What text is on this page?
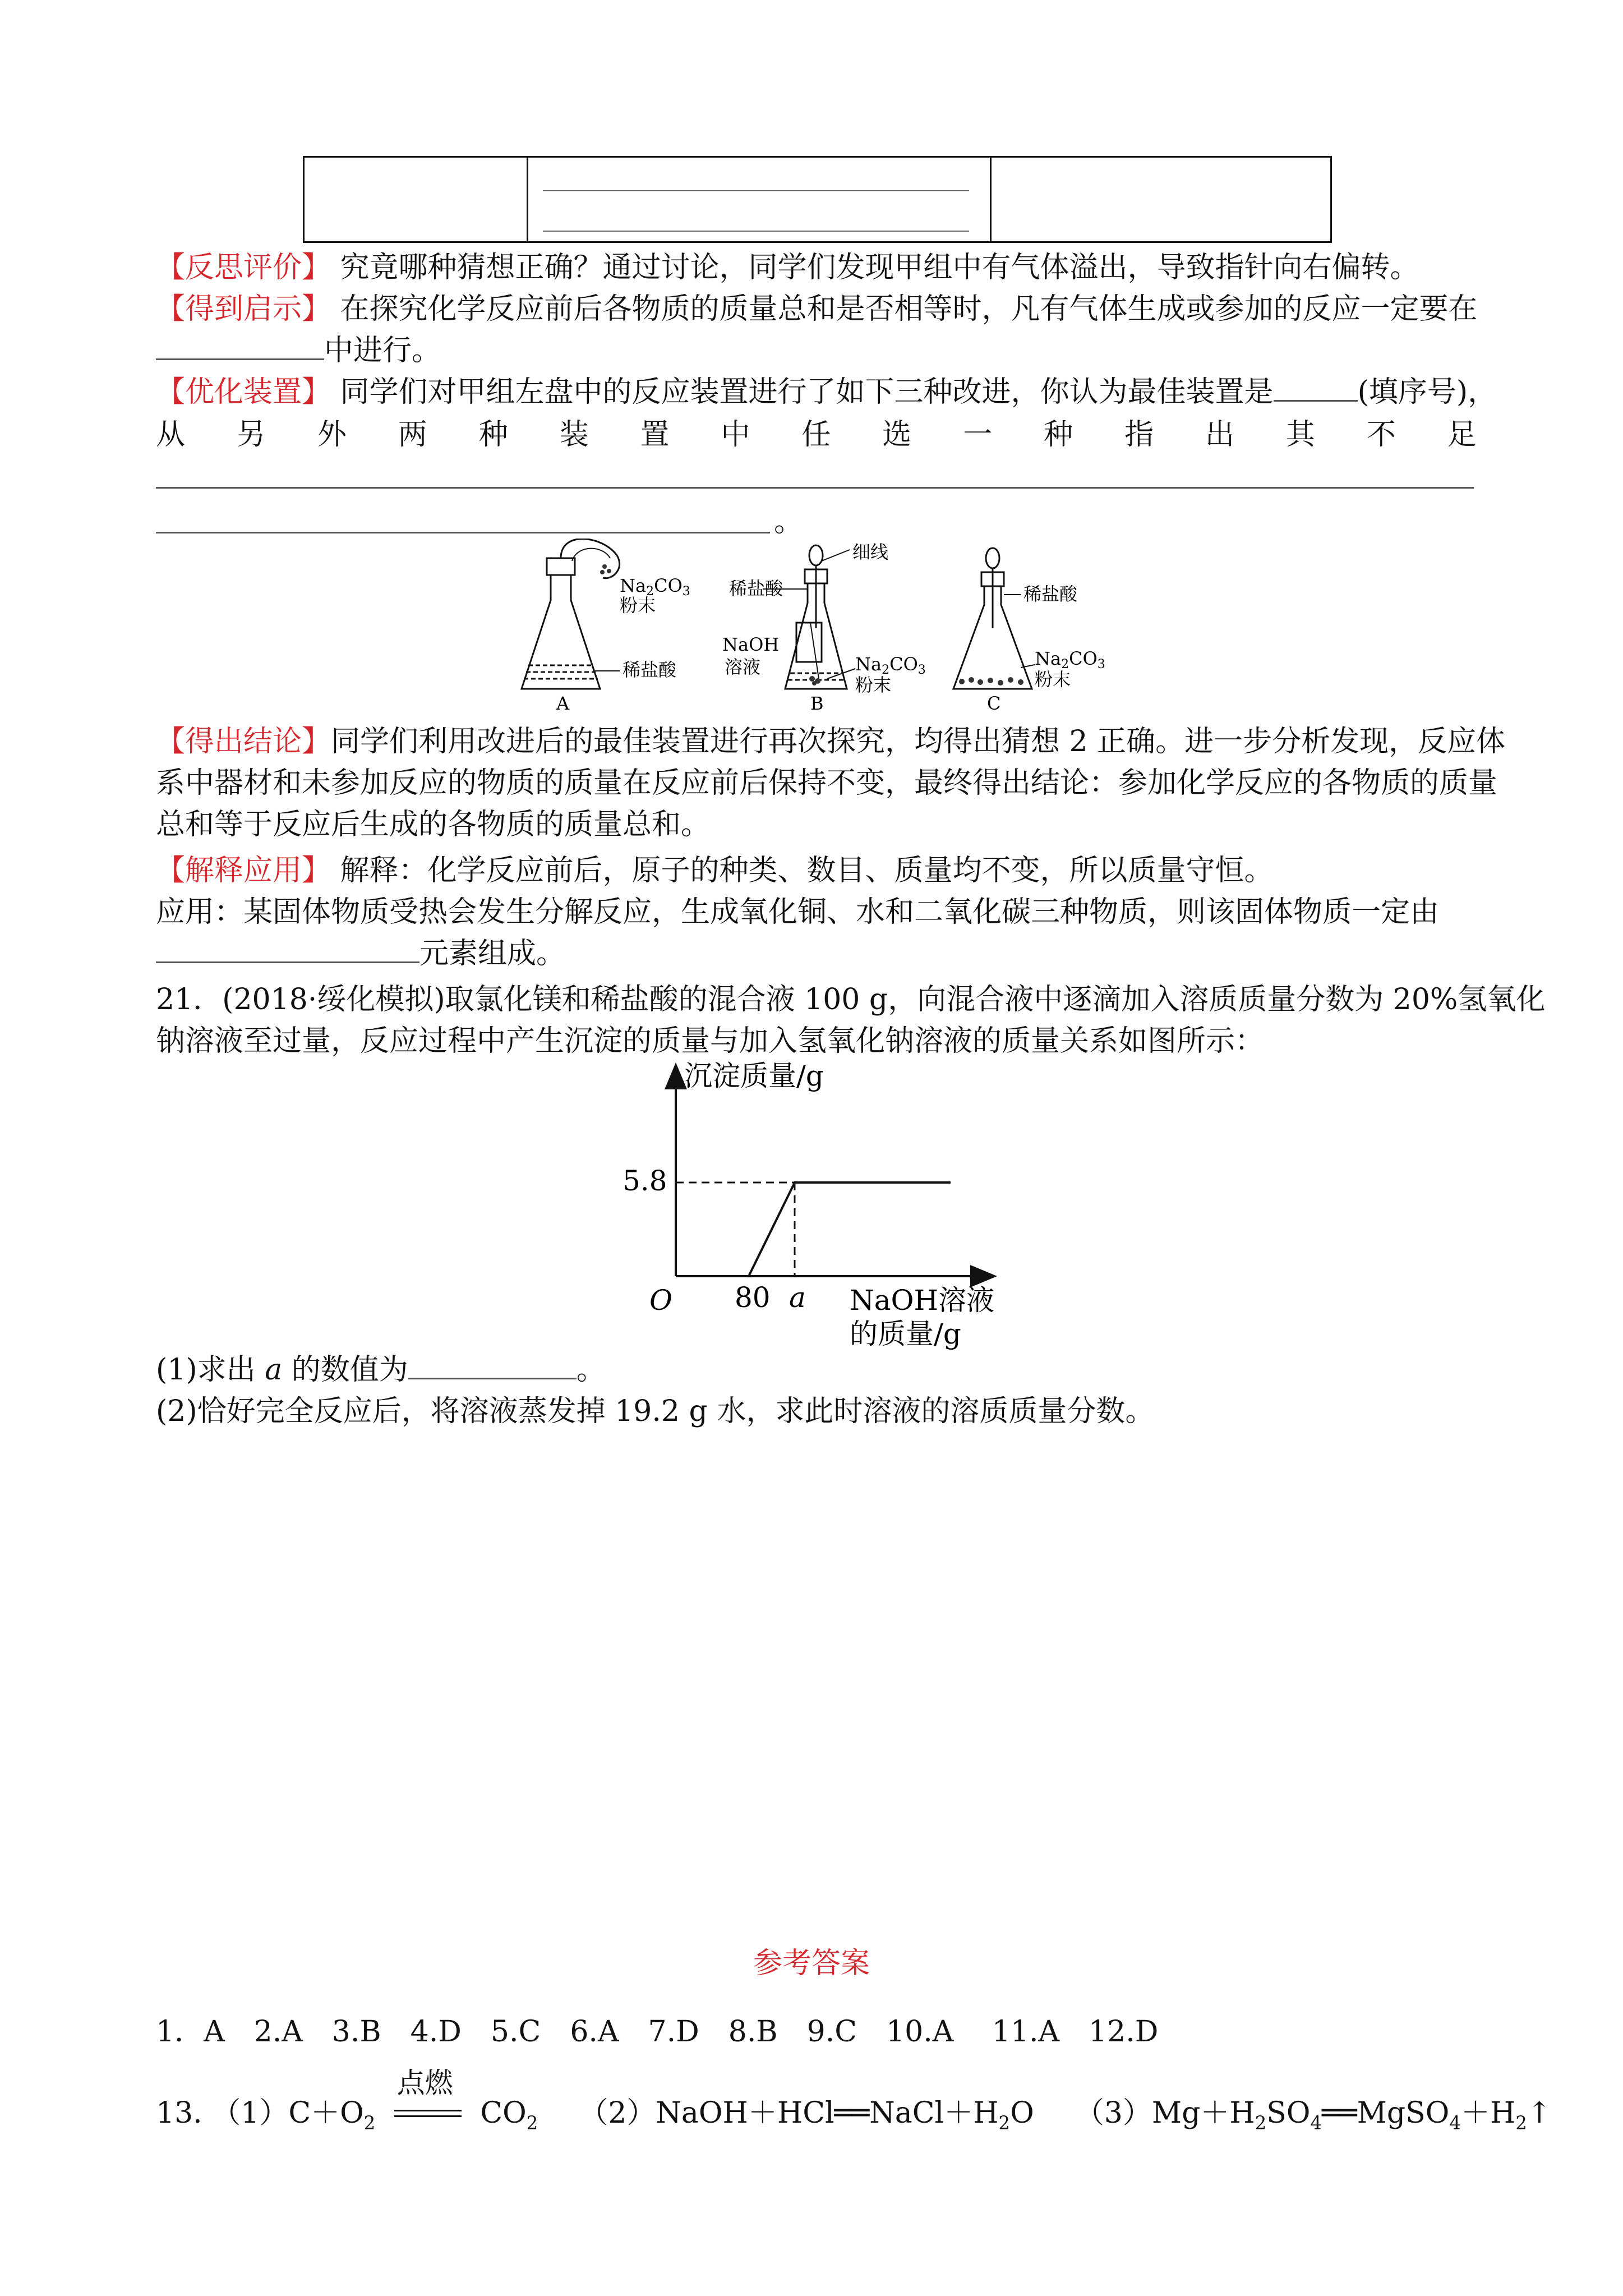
【反思评价】 究竟哪种猜想正确？通过讨论，同学们发现甲组中有气体溢出，导致指针向右偏转。
【得到启示】 在探究化学反应前后各物质的质量总和是否相等时，凡有气体生成或参加的反应一定要在
中进行。
【优化装置】 同学们对甲组左盘中的反应装置进行了如下三种改进，你认为最佳装置是	(填序号)，
从 另 外 两 种 装 置 中 任 选 一 种 指 出 其 不 足
。
Na2CO3
粉末
稀盐酸
A
细线
稀盐酸
NaOH
溶液	Na2CO3
粉末
B
稀盐酸
Na2CO3
粉末
C
【得出结论】同学们利用改进后的最佳装置进行再次探究，均得出猜想 2 正确。进一步分析发现，反应体
系中器材和未参加反应的物质的质量在反应前后保持不变，最终得出结论：参加化学反应的各物质的质量
总和等于反应后生成的各物质的质量总和。
【解释应用】 解释：化学反应前后，原子的种类、数目、质量均不变，所以质量守恒。
应用：某固体物质受热会发生分解反应，生成氧化铜、水和二氧化碳三种物质，则该固体物质一定由
元素组成。
21．(2018·绥化模拟)取氯化镁和稀盐酸的混合液 100 g，向混合液中逐滴加入溶质质量分数为 20%氢氧化
钠溶液至过量，反应过程中产生沉淀的质量与加入氢氧化钠溶液的质量关系如图所示：
沉淀质量/g
O
5.8
80 a NaOH溶液
的质量/g
(1)求出 a 的数值为	。
(2)恰好完全反应后，将溶液蒸发掉 19.2 g 水，求此时溶液的溶质质量分数。
参考答案
1．A　2.A　3.B　4.D　5.C　6.A　7.D　8.B　9.C　10.A　 11.A　12.D
13. $(1)C+O_2$
点燃
$CO_2$ $(2)NaOH+HCl══NaCl+H_2O$ $(3)Mg+H_2SO_4══MgSO_4+H_2↑$
